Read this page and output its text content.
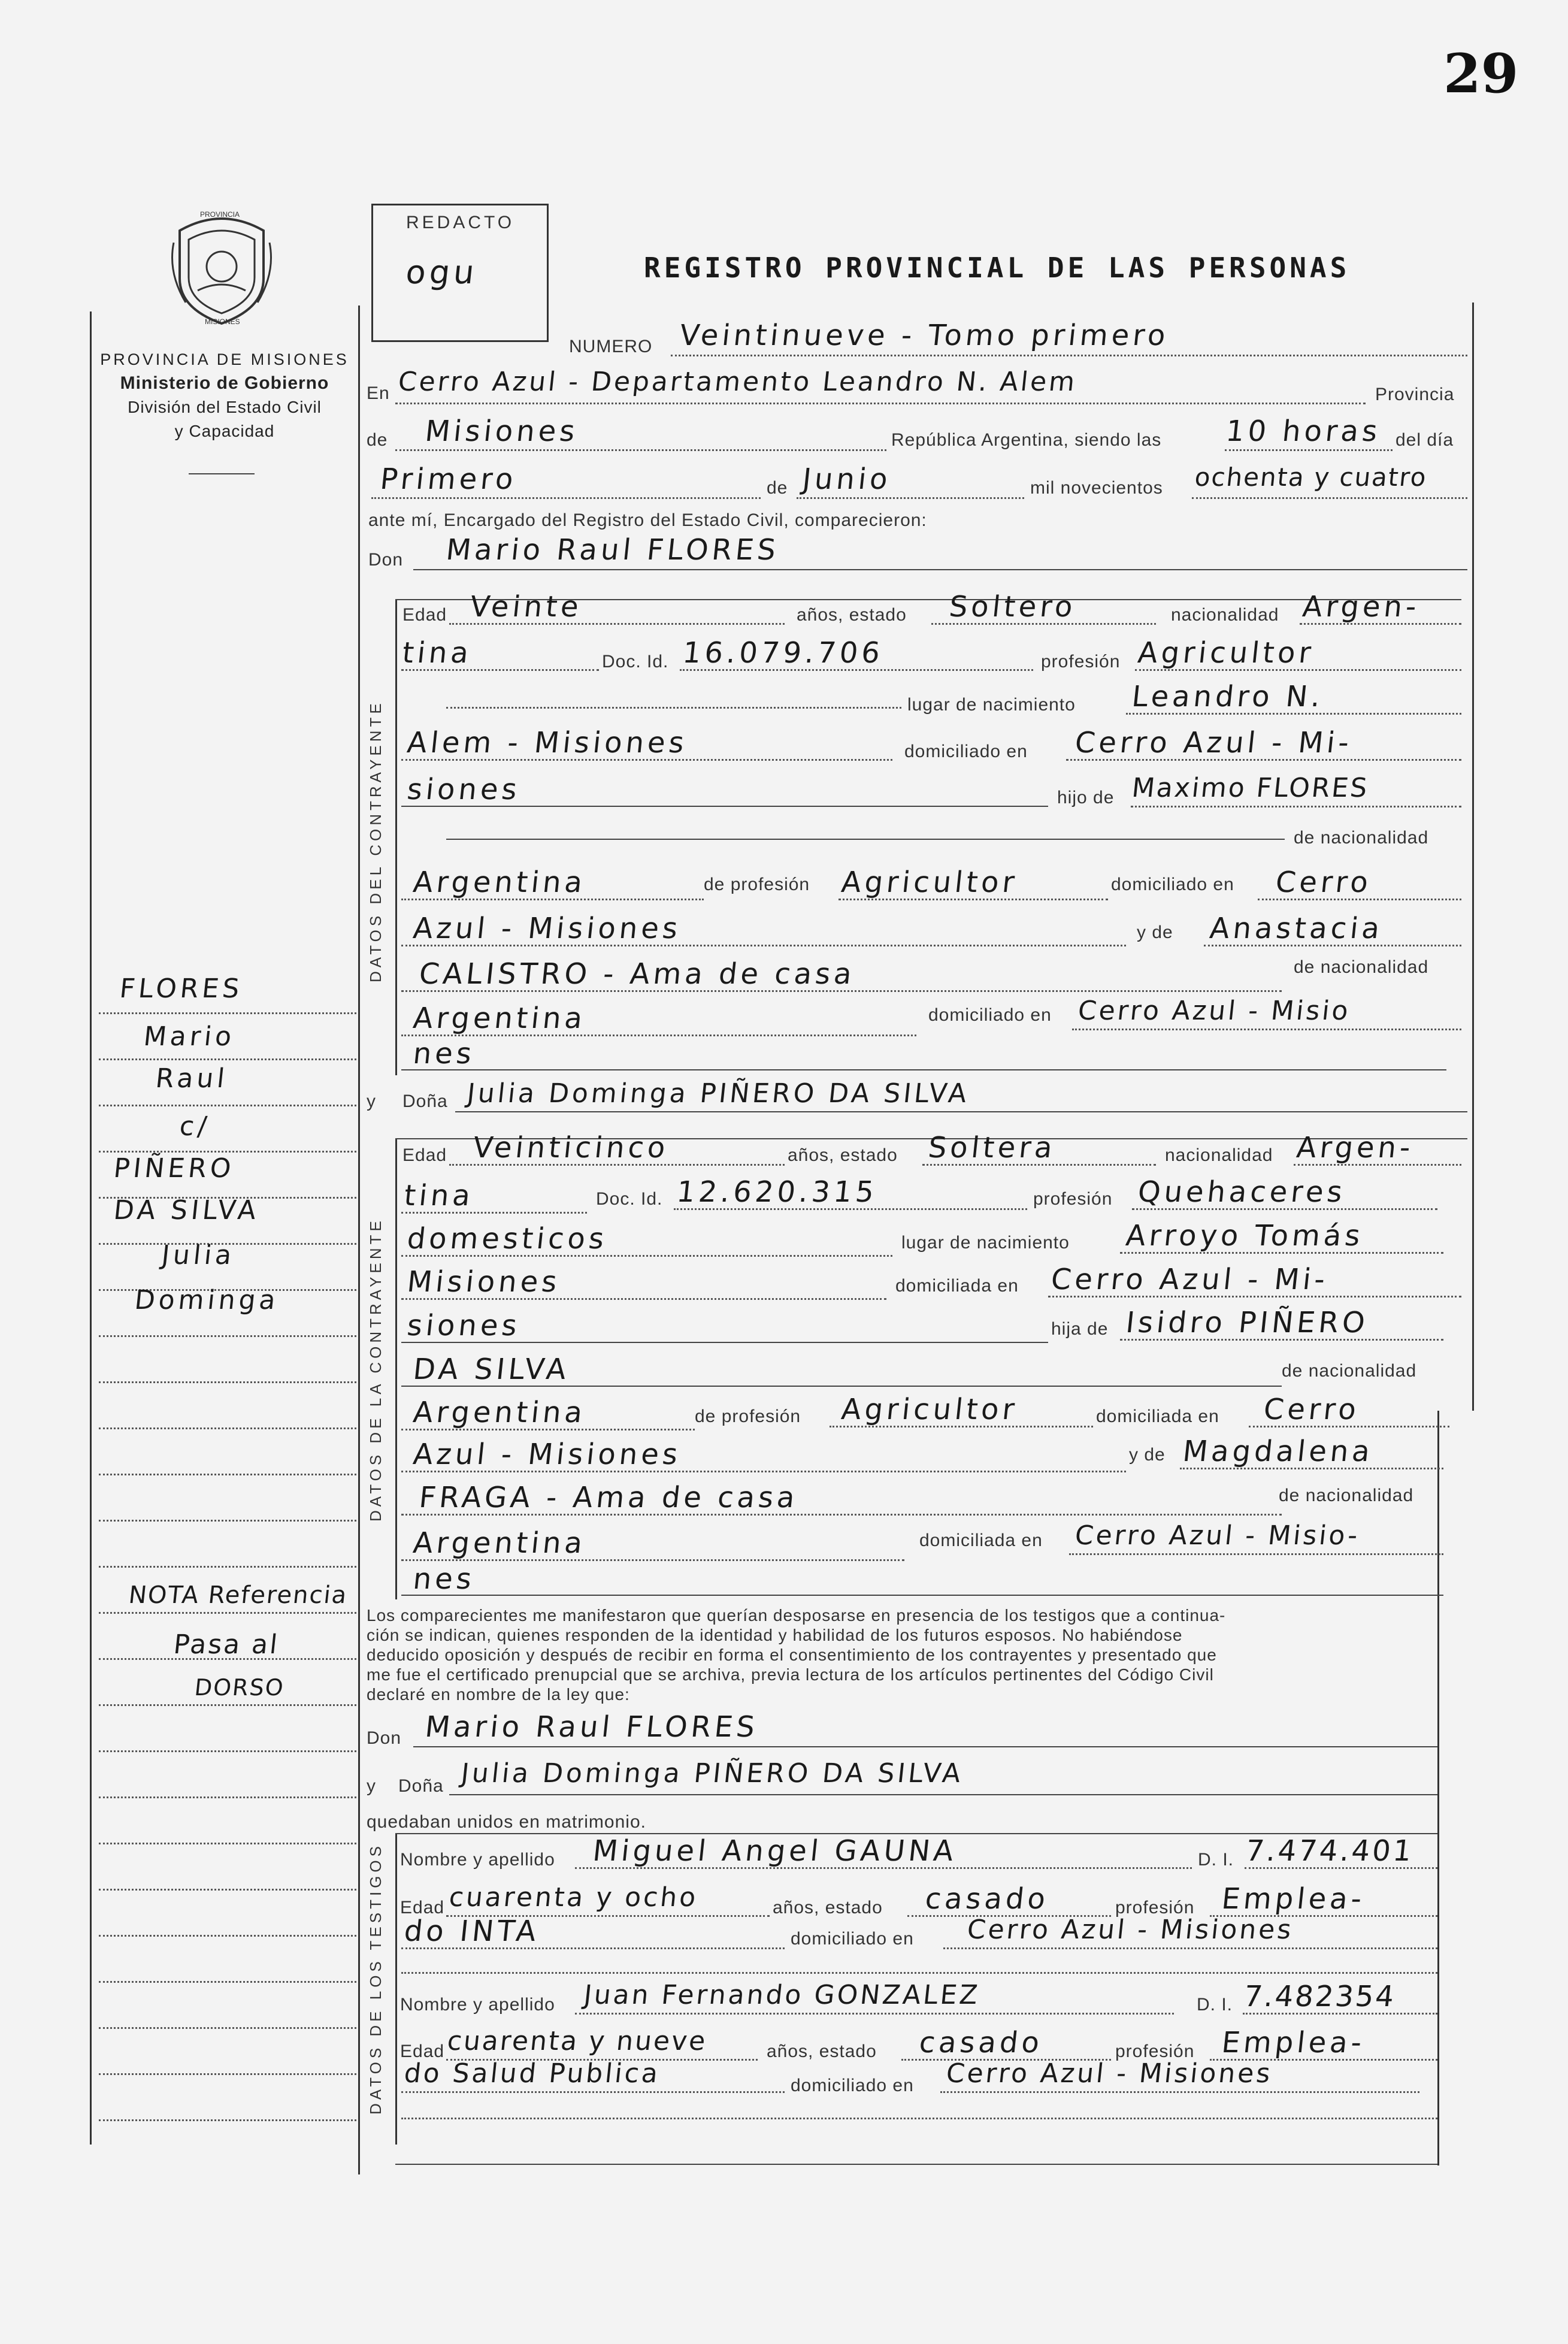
29
REDACTO
ogu	REGISTRO PROVINCIAL DE LAS PERSONAS
PROVINCIA
MISIONES
PROVINCIA DE MISIONES
Ministerio de Gobierno
División del Estado Civil
y Capacidad
DATOS DEL CONTRAYENTE
DATOS DE LA CONTRAYENTE
DATOS DE LOS TESTIGOS
NUMERO Veintinueve - Tomo primero
En Cerro Azul - Departamento Leandro N. Alem	Provincia
de Misiones	República Argentina, siendo las 10 horas del día
Primero	de Junio	mil novecientos ochenta y cuatro
ante mí, Encargado del Registro del Estado Civil, comparecieron:
Don Mario Raul FLORES
Edad Veinte	años, estado Soltero	nacionalidad Argen-
tina	Doc. Id. 16.079.706	profesión Agricultor
lugar de nacimiento Leandro N.
Alem - Misiones	domiciliado en Cerro Azul - Mi-
siones	hijo de Maximo FLORES
de nacionalidad
Argentina	de profesión Agricultor	domiciliado en Cerro
Azul - Misiones	y de Anastacia
CALISTRO - Ama de casa	de nacionalidad
Argentina	domiciliado en Cerro Azul - Misio
nes
y Doña Julia Dominga PIÑERO DA SILVA
Edad Veinticinco	años, estado Soltera	nacionalidad Argen-
tina	Doc. Id. 12.620.315	profesión Quehaceres
domesticos	lugar de nacimiento Arroyo Tomás
Misiones	domiciliada en Cerro Azul - Mi-
siones	hija de Isidro PIÑERO
DA SILVA	de nacionalidad
Argentina	de profesión Agricultor	domiciliada en Cerro
Azul - Misiones	y de Magdalena
FRAGA - Ama de casa	de nacionalidad
Argentina	domiciliada en Cerro Azul - Misio-
nes
Los comparecientes me manifestaron que querían desposarse en presencia de los testigos que a continua-
ción se indican, quienes responden de la identidad y habilidad de los futuros esposos. No habiéndose
deducido oposición y después de recibir en forma el consentimiento de los contrayentes y presentado que
me fue el certificado prenupcial que se archiva, previa lectura de los artículos pertinentes del Código Civil
declaré en nombre de la ley que:
Don Mario Raul FLORES
y Doña Julia Dominga PIÑERO DA SILVA
quedaban unidos en matrimonio.
Nombre y apellido Miguel Angel GAUNA	D. I. 7.474.401
Edad cuarenta y ocho	años, estado casado	profesión Emplea-
do INTA	domiciliado en Cerro Azul - Misiones
Nombre y apellido Juan Fernando GONZALEZ	D. I. 7.482354
Edad cuarenta y nueve	años, estado casado	profesión Emplea-
do Salud Publica	domiciliado en Cerro Azul - Misiones
FLORES
Mario
Raul
c/
PIÑERO
DA SILVA
Julia
Dominga
NOTA Referencia
Pasa al
DORSO
